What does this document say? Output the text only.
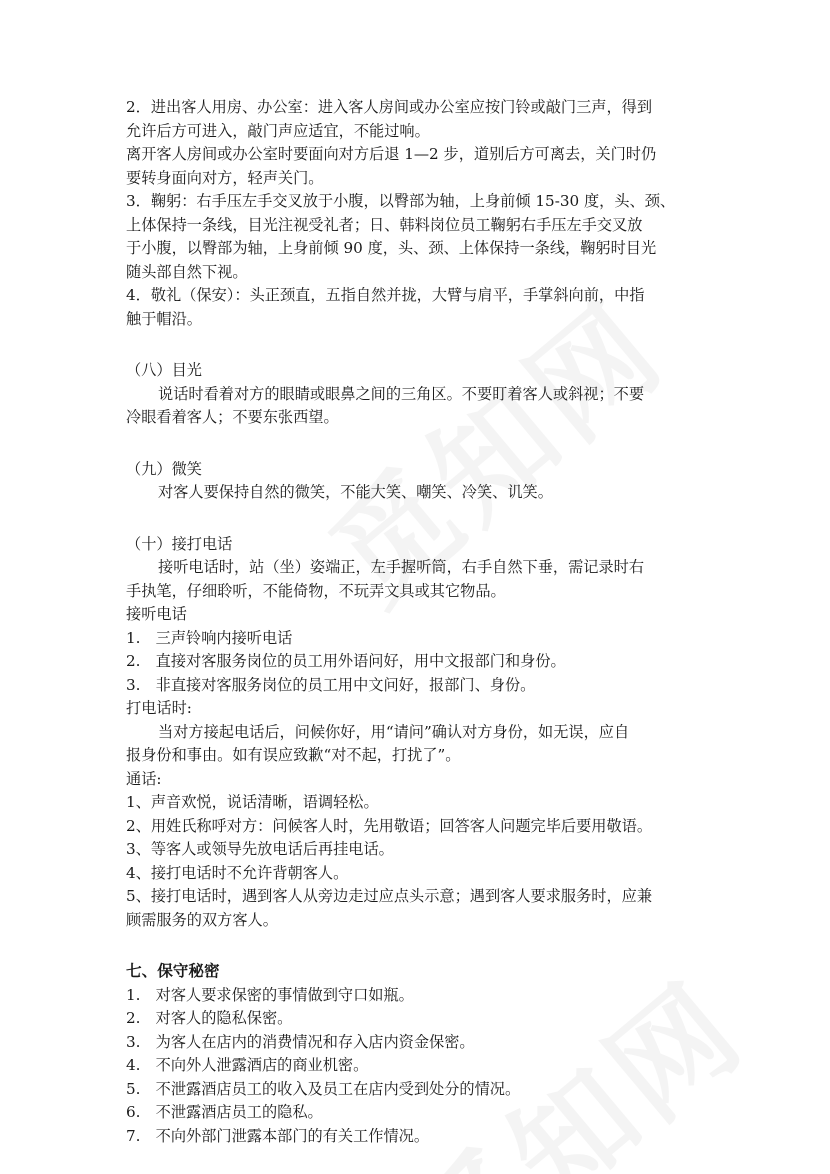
2．进出客人用房、办公室：进入客人房间或办公室应按门铃或敲门三声，得到

允许后方可进入，敲门声应适宜，不能过响。

离开客人房间或办公室时要面向对方后退 1—2 步，道别后方可离去，关门时仍

要转身面向对方，轻声关门。

3．鞠躬：右手压左手交叉放于小腹，以臀部为轴，上身前倾 15-30 度，头、颈、

上体保持一条线，目光注视受礼者；日、韩料岗位员工鞠躬右手压左手交叉放

于小腹，以臀部为轴，上身前倾 90 度，头、颈、上体保持一条线，鞠躬时目光

随头部自然下视。

4．敬礼（保安）：头正颈直，五指自然并拢，大臂与肩平，手掌斜向前，中指

触于帽沿。

（八）目光

说话时看着对方的眼睛或眼鼻之间的三角区。不要盯着客人或斜视；不要

冷眼看着客人；不要东张西望。

（九）微笑

对客人要保持自然的微笑，不能大笑、嘲笑、冷笑、讥笑。

（十）接打电话

接听电话时，站（坐）姿端正，左手握听筒，右手自然下垂，需记录时右

手执笔，仔细聆听，不能倚物，不玩弄文具或其它物品。

接听电话

1.　三声铃响内接听电话

2.　直接对客服务岗位的员工用外语问好，用中文报部门和身份。

3.　非直接对客服务岗位的员工用中文问好，报部门、身份。

打电话时:

当对方接起电话后，问候你好，用“请问”确认对方身份，如无误，应自

报身份和事由。如有误应致歉“对不起，打扰了”。

通话:

1、声音欢悦，说话清晰，语调轻松。

2、用姓氏称呼对方：问候客人时，先用敬语；回答客人问题完毕后要用敬语。

3、等客人或领导先放电话后再挂电话。

4、接打电话时不允许背朝客人。

5、接打电话时，遇到客人从旁边走过应点头示意；遇到客人要求服务时，应兼

顾需服务的双方客人。

七、保守秘密

1.　对客人要求保密的事情做到守口如瓶。

2.　对客人的隐私保密。

3.　为客人在店内的消费情况和存入店内资金保密。

4.　不向外人泄露酒店的商业机密。

5.　不泄露酒店员工的收入及员工在店内受到处分的情况。

6.　不泄露酒店员工的隐私。

7.　不向外部门泄露本部门的有关工作情况。
